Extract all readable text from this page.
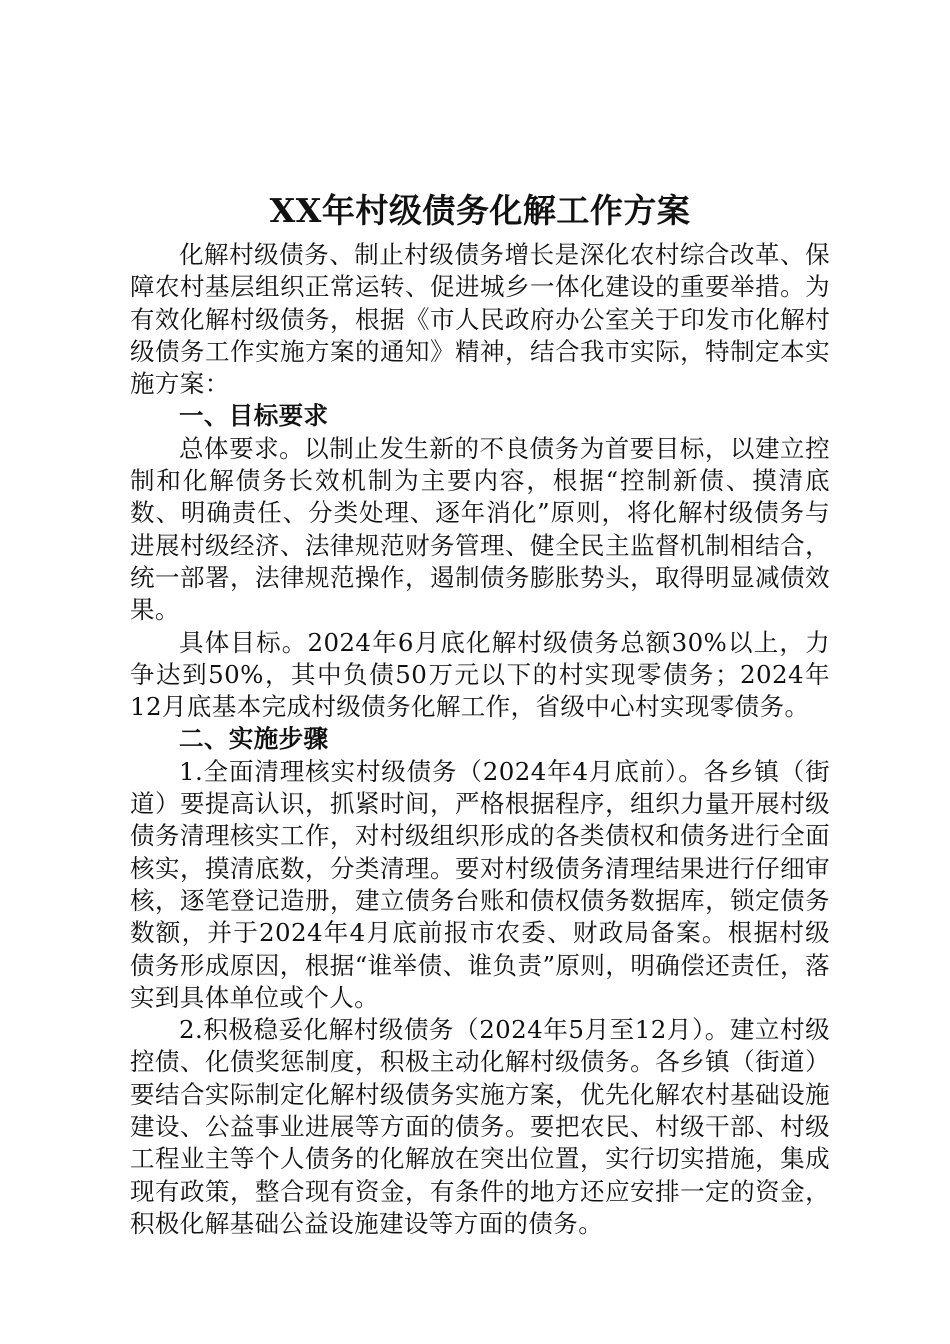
XX年村级债务化解工作方案

化解村级债务、制止村级债务增长是深化农村综合改革、保障农村基层组织正常运转、促进城乡一体化建设的重要举措。为有效化解村级债务，根据《市人民政府办公室关于印发市化解村级债务工作实施方案的通知》精神，结合我市实际，特制定本实施方案：

一、目标要求

总体要求。以制止发生新的不良债务为首要目标，以建立控制和化解债务长效机制为主要内容，根据“控制新债、摸清底数、明确责任、分类处理、逐年消化”原则，将化解村级债务与进展村级经济、法律规范财务管理、健全民主监督机制相结合，统一部署，法律规范操作，遏制债务膨胀势头，取得明显减债效果。

具体目标。2024年6月底化解村级债务总额30%以上，力争达到50%，其中负债50万元以下的村实现零债务；2024年12月底基本完成村级债务化解工作，省级中心村实现零债务。

二、实施步骤

1.全面清理核实村级债务（2024年4月底前）。各乡镇（街道）要提高认识，抓紧时间，严格根据程序，组织力量开展村级债务清理核实工作，对村级组织形成的各类债权和债务进行全面核实，摸清底数，分类清理。要对村级债务清理结果进行仔细审核，逐笔登记造册，建立债务台账和债权债务数据库，锁定债务数额，并于2024年4月底前报市农委、财政局备案。根据村级债务形成原因，根据“谁举债、谁负责”原则，明确偿还责任，落实到具体单位或个人。

2.积极稳妥化解村级债务（2024年5月至12月）。建立村级控债、化债奖惩制度，积极主动化解村级债务。各乡镇（街道）要结合实际制定化解村级债务实施方案，优先化解农村基础设施建设、公益事业进展等方面的债务。要把农民、村级干部、村级工程业主等个人债务的化解放在突出位置，实行切实措施，集成现有政策，整合现有资金，有条件的地方还应安排一定的资金，积极化解基础公益设施建设等方面的债务。
